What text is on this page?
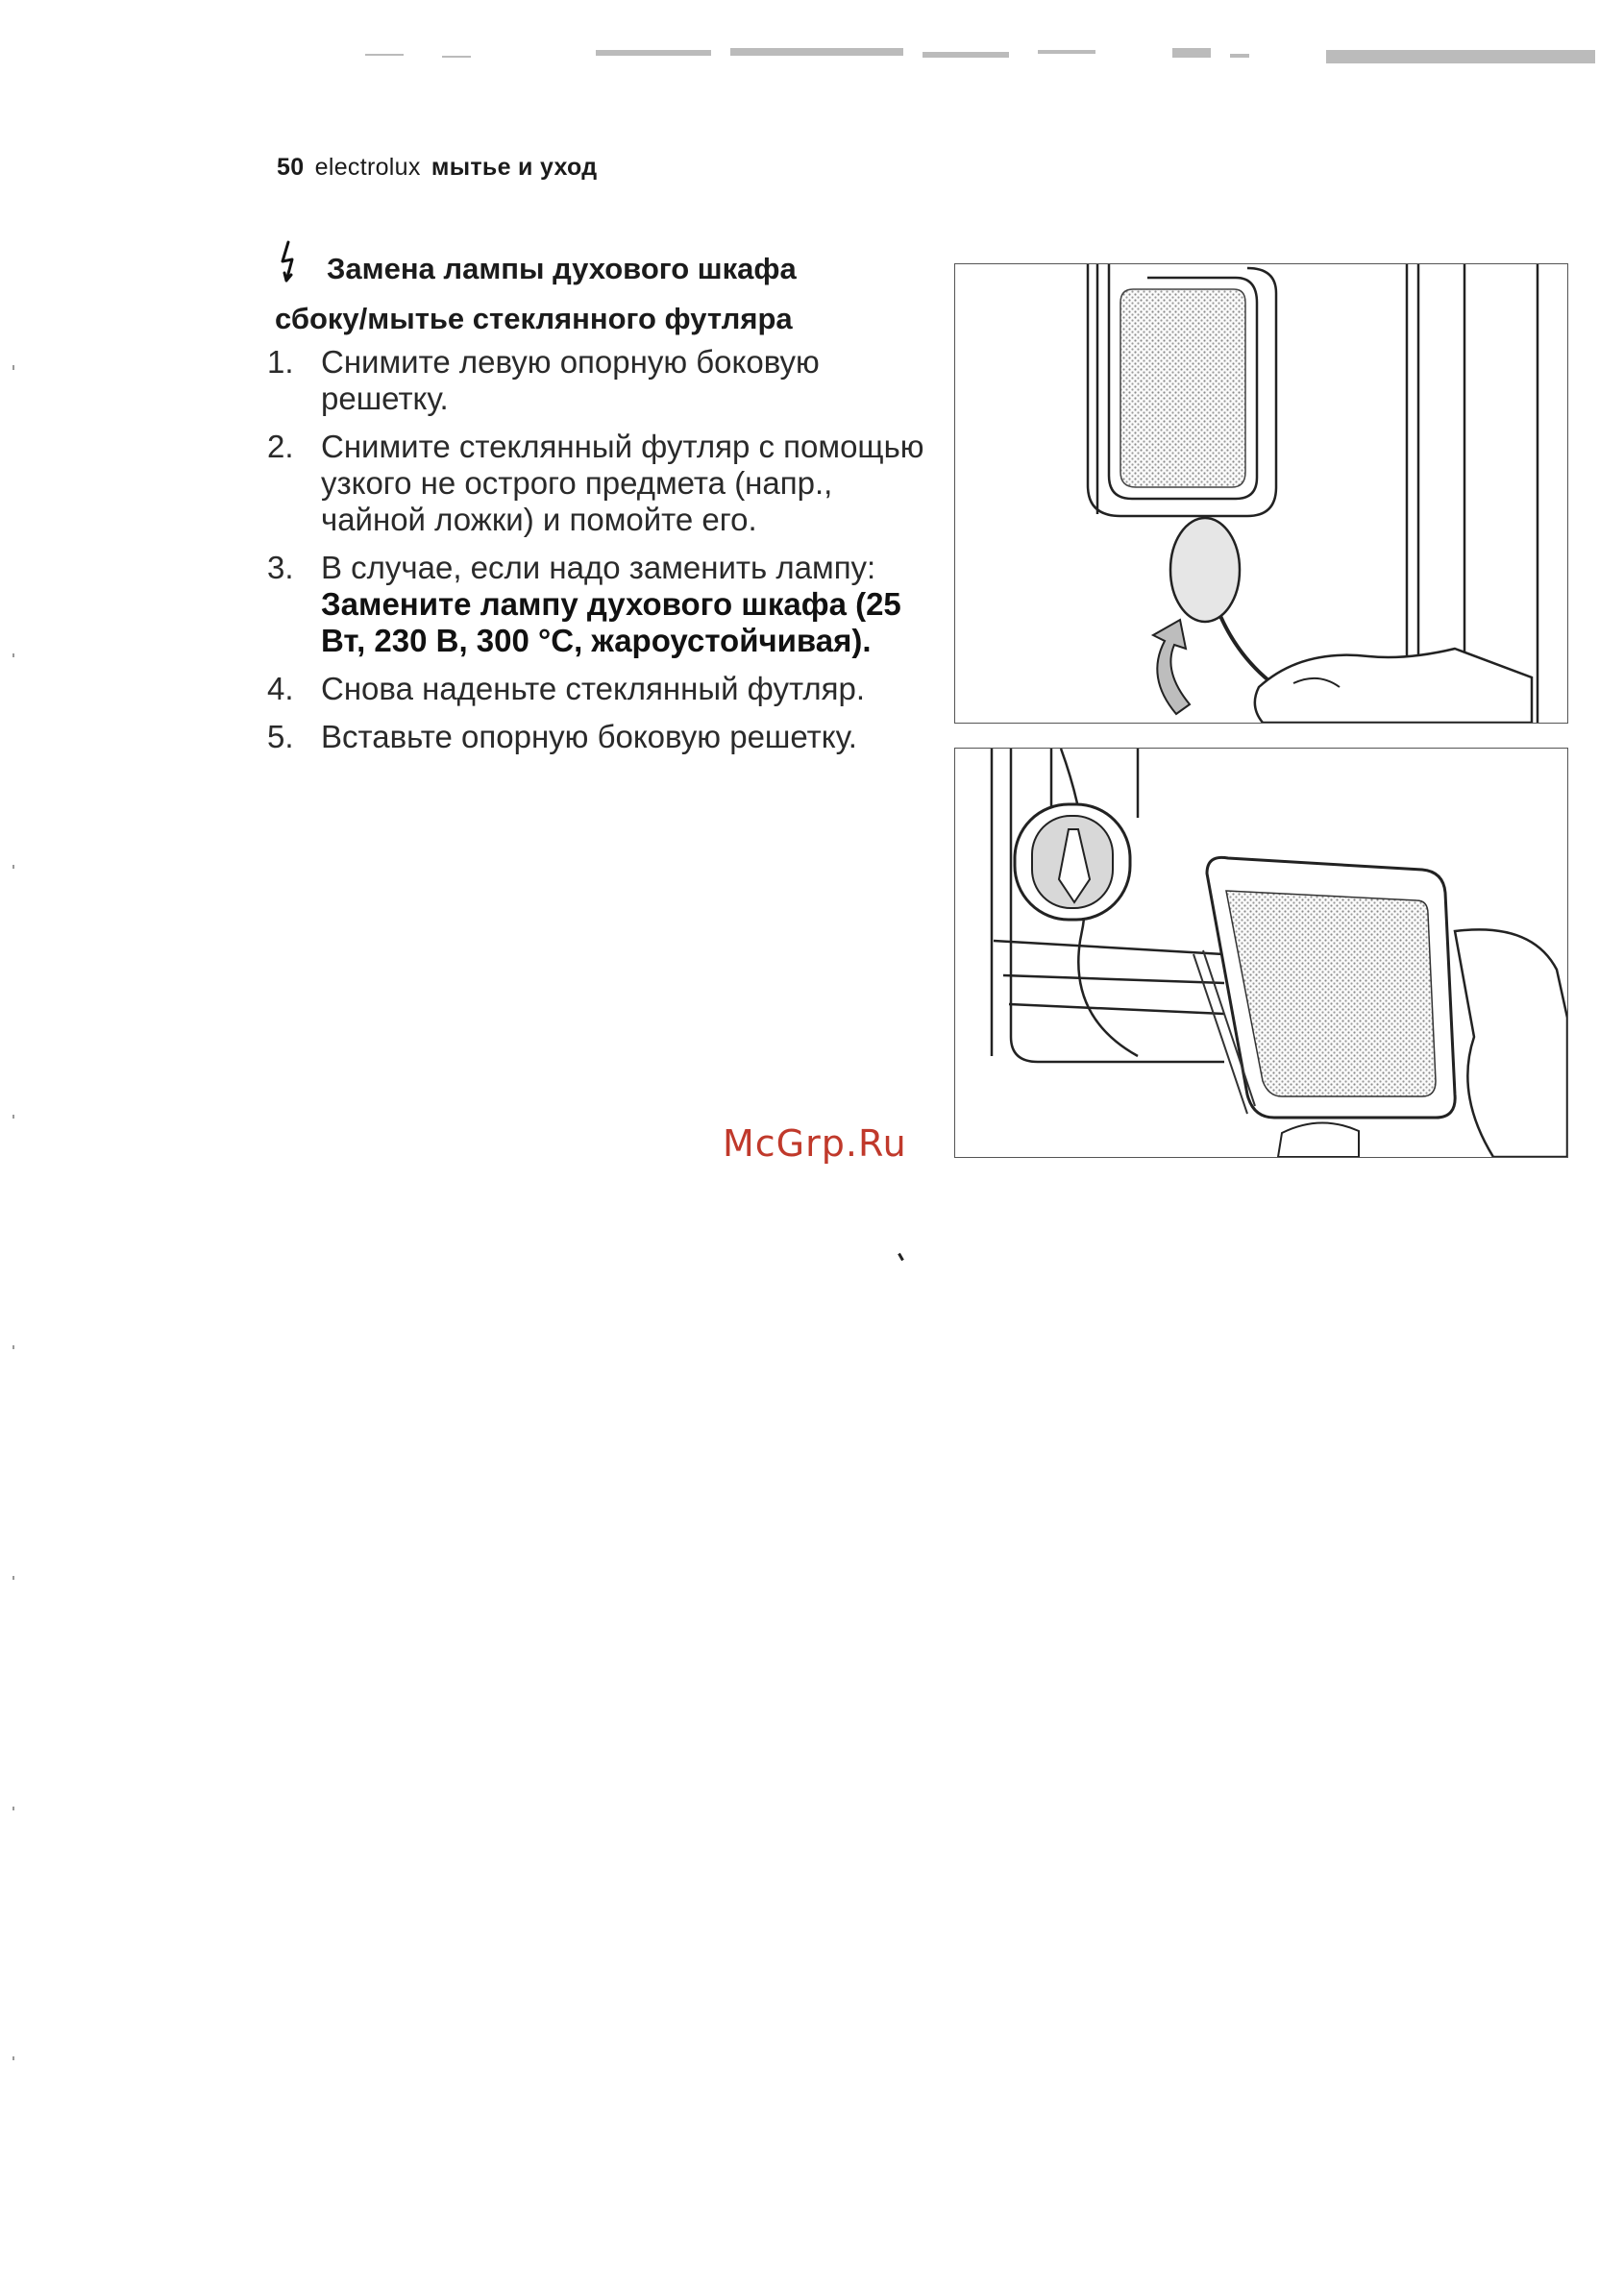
50 electrolux мытье и уход
Замена лампы духового шкафа
сбоку/мытье стеклянного футляра
1. Снимите левую опорную боковую решетку.
2. Снимите стеклянный футляр с помощью узкого не острого предмета (напр., чайной ложки) и помойте его.
3. В случае, если надо заменить лампу:
Замените лампу духового шкафа (25 Вт, 230 В, 300 °С, жароустойчивая).
4. Снова наденьте стеклянный футляр.
5. Вставьте опорную боковую решетку.
McGrp.Ru
